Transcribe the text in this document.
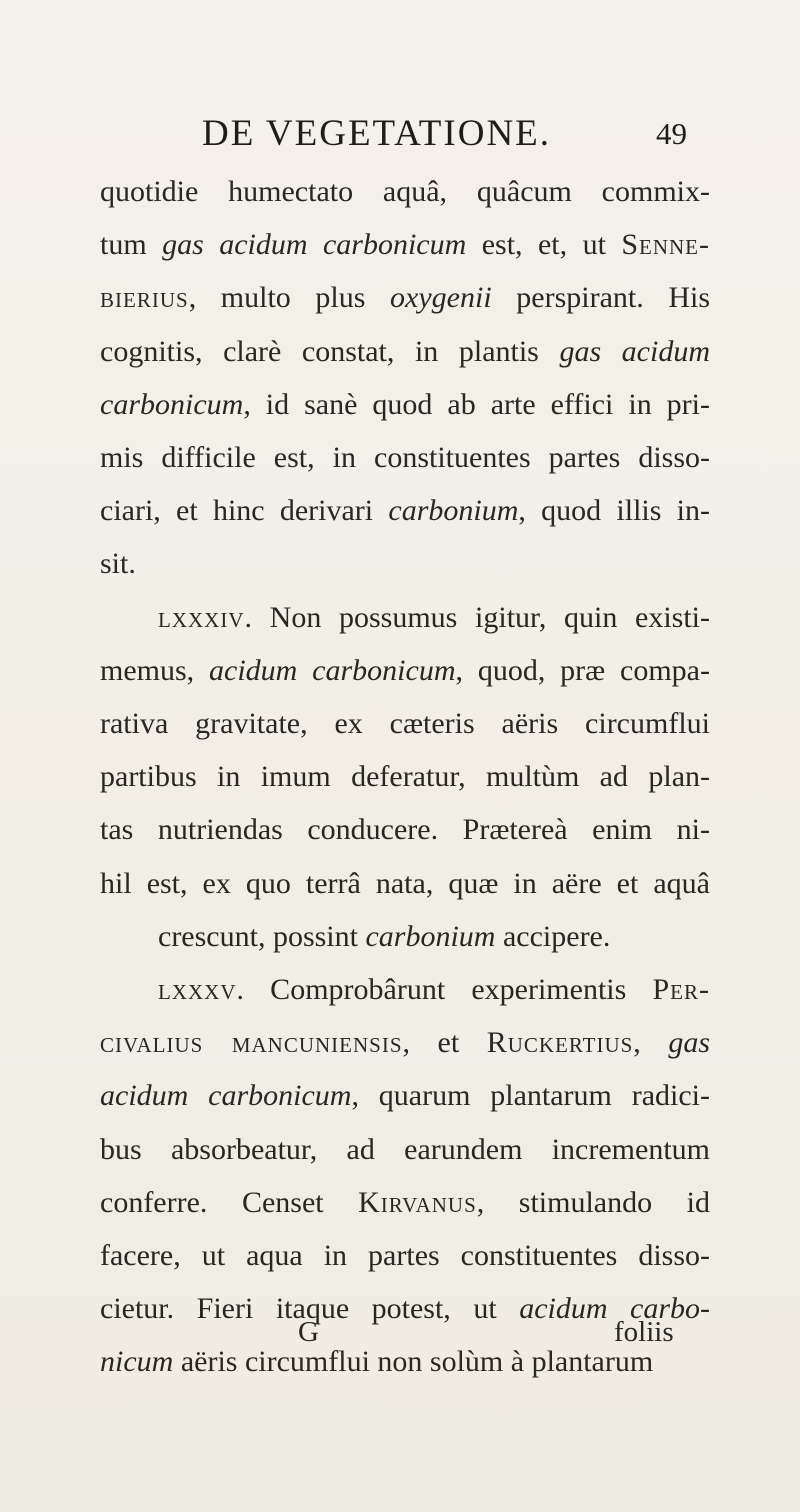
DE VEGETATIONE.	49
quotidie humectato aquâ, quâcum commix-
tum gas acidum carbonicum est, et, ut Senne-
bierius, multo plus oxygenii perspirant. His
cognitis, clarè constat, in plantis gas acidum
carbonicum, id sanè quod ab arte effici in pri-
mis difficile est, in constituentes partes disso-
ciari, et hinc derivari carbonium, quod illis in-
sit.
lxxxiv. Non possumus igitur, quin existi-
memus, acidum carbonicum, quod, præ compa-
rativa gravitate, ex cæteris aëris circumflui
partibus in imum deferatur, multùm ad plan-
tas nutriendas conducere. Prætereà enim ni-
hil est, ex quo terrâ nata, quæ in aëre et aquâ
crescunt, possint carbonium accipere.
lxxxv. Comprobârunt experimentis Per-
civalius mancuniensis, et Ruckertius, gas
acidum carbonicum, quarum plantarum radici-
bus absorbeatur, ad earundem incrementum
conferre. Censet Kirvanus, stimulando id
facere, ut aqua in partes constituentes disso-
cietur. Fieri itaque potest, ut acidum carbo-
nicum aëris circumflui non solùm à plantarum
G	foliis
